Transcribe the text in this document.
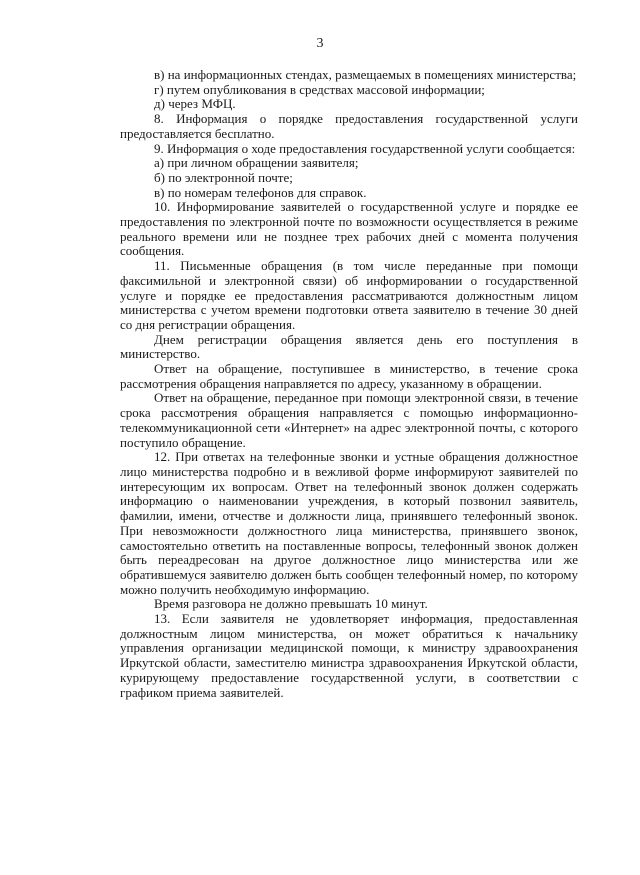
3

в) на информационных стендах, размещаемых в помещениях министерства;

г) путем опубликования в средствах массовой информации;

д) через МФЦ.

8. Информация о порядке предоставления государственной услуги предоставляется бесплатно.

9. Информация о ходе предоставления государственной услуги сообщается:

а) при личном обращении заявителя;

б) по электронной почте;

в) по номерам телефонов для справок.

10. Информирование заявителей о государственной услуге и порядке ее предоставления по электронной почте по возможности осуществляется в режиме реального времени или не позднее трех рабочих дней с момента получения сообщения.

11. Письменные обращения (в том числе переданные при помощи факсимильной и электронной связи) об информировании о государственной услуге и порядке ее предоставления рассматриваются должностным лицом министерства с учетом времени подготовки ответа заявителю в течение 30 дней со дня регистрации обращения.

Днем регистрации обращения является день его поступления в министерство.

Ответ на обращение, поступившее в министерство, в течение срока рассмотрения обращения направляется по адресу, указанному в обращении.

Ответ на обращение, переданное при помощи электронной связи, в течение срока рассмотрения обращения направляется с помощью информационно-телекоммуникационной сети «Интернет» на адрес электронной почты, с которого поступило обращение.

12. При ответах на телефонные звонки и устные обращения должностное лицо министерства подробно и в вежливой форме информируют заявителей по интересующим их вопросам. Ответ на телефонный звонок должен содержать информацию о наименовании учреждения, в который позвонил заявитель, фамилии, имени, отчестве и должности лица, принявшего телефонный звонок. При невозможности должностного лица министерства, принявшего звонок, самостоятельно ответить на поставленные вопросы, телефонный звонок должен быть переадресован на другое должностное лицо министерства или же обратившемуся заявителю должен быть сообщен телефонный номер, по которому можно получить необходимую информацию.

Время разговора не должно превышать 10 минут.

13. Если заявителя не удовлетворяет информация, предоставленная должностным лицом министерства, он может обратиться к начальнику управления организации медицинской помощи, к министру здравоохранения Иркутской области, заместителю министра здравоохранения Иркутской области, курирующему предоставление государственной услуги, в соответствии с графиком приема заявителей.
